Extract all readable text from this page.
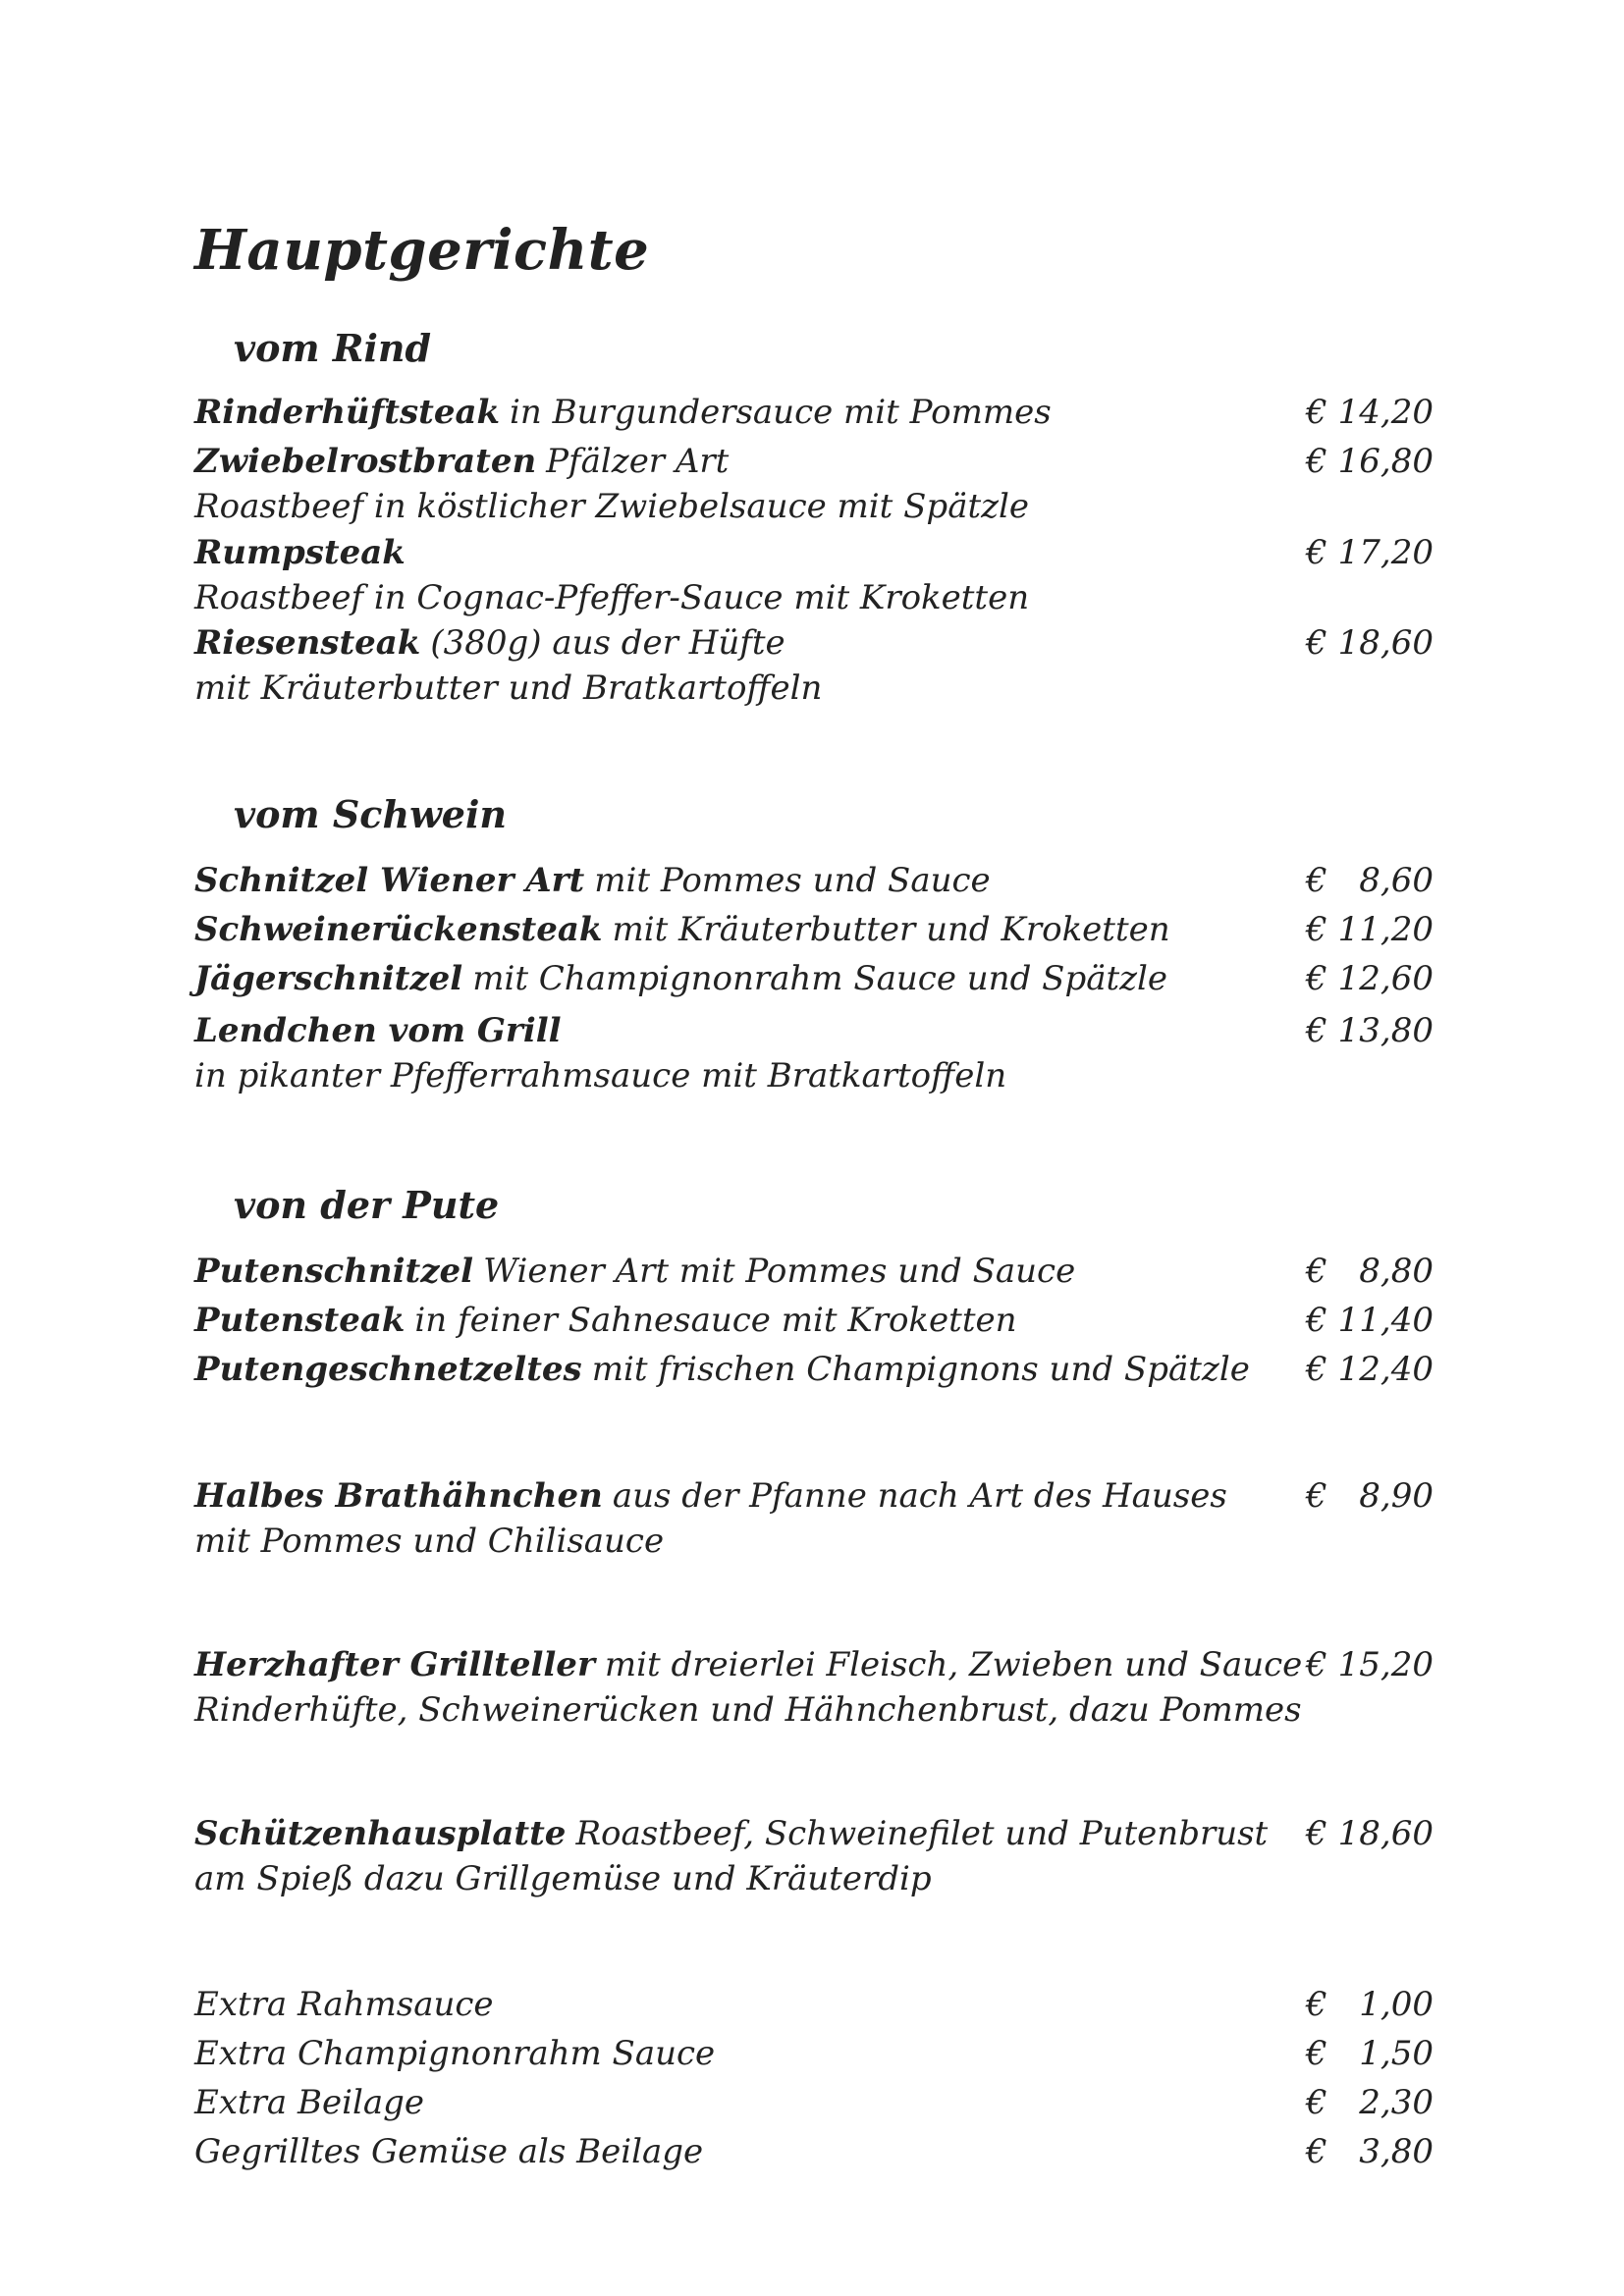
Hauptgerichte
vom Rind
Rinderhüftsteak in Burgundersauce mit Pommes	€ 14,20
Zwiebelrostbraten Pfälzer Art	€ 16,80
Roastbeef in köstlicher Zwiebelsauce mit Spätzle
Rumpsteak	€ 17,20
Roastbeef in Cognac-Pfeffer-Sauce mit Kroketten
Riesensteak (380g) aus der Hüfte	€ 18,60
mit Kräuterbutter und Bratkartoffeln
vom Schwein
Schnitzel Wiener Art mit Pommes und Sauce	€ 8,60
Schweinerückensteak mit Kräuterbutter und Kroketten	€ 11,20
Jägerschnitzel mit Champignonrahm Sauce und Spätzle	€ 12,60
Lendchen vom Grill	€ 13,80
in pikanter Pfefferrahmsauce mit Bratkartoffeln
von der Pute
Putenschnitzel Wiener Art mit Pommes und Sauce	€ 8,80
Putensteak in feiner Sahnesauce mit Kroketten	€ 11,40
Putengeschnetzeltes mit frischen Champignons und Spätzle € 12,40
Halbes Brathähnchen aus der Pfanne nach Art des Hauses € 8,90
mit Pommes und Chilisauce
Herzhafter Grillteller mit dreierlei Fleisch, Zwieben und Sauce € 15,20
Rinderhüfte, Schweinerücken und Hähnchenbrust, dazu Pommes
Schützenhausplatte Roastbeef, Schweinefilet und Putenbrust € 18,60
am Spieß dazu Grillgemüse und Kräuterdip
Extra Rahmsauce	€ 1,00
Extra Champignonrahm Sauce	€ 1,50
Extra Beilage	€ 2,30
Gegrilltes Gemüse als Beilage	€ 3,80
